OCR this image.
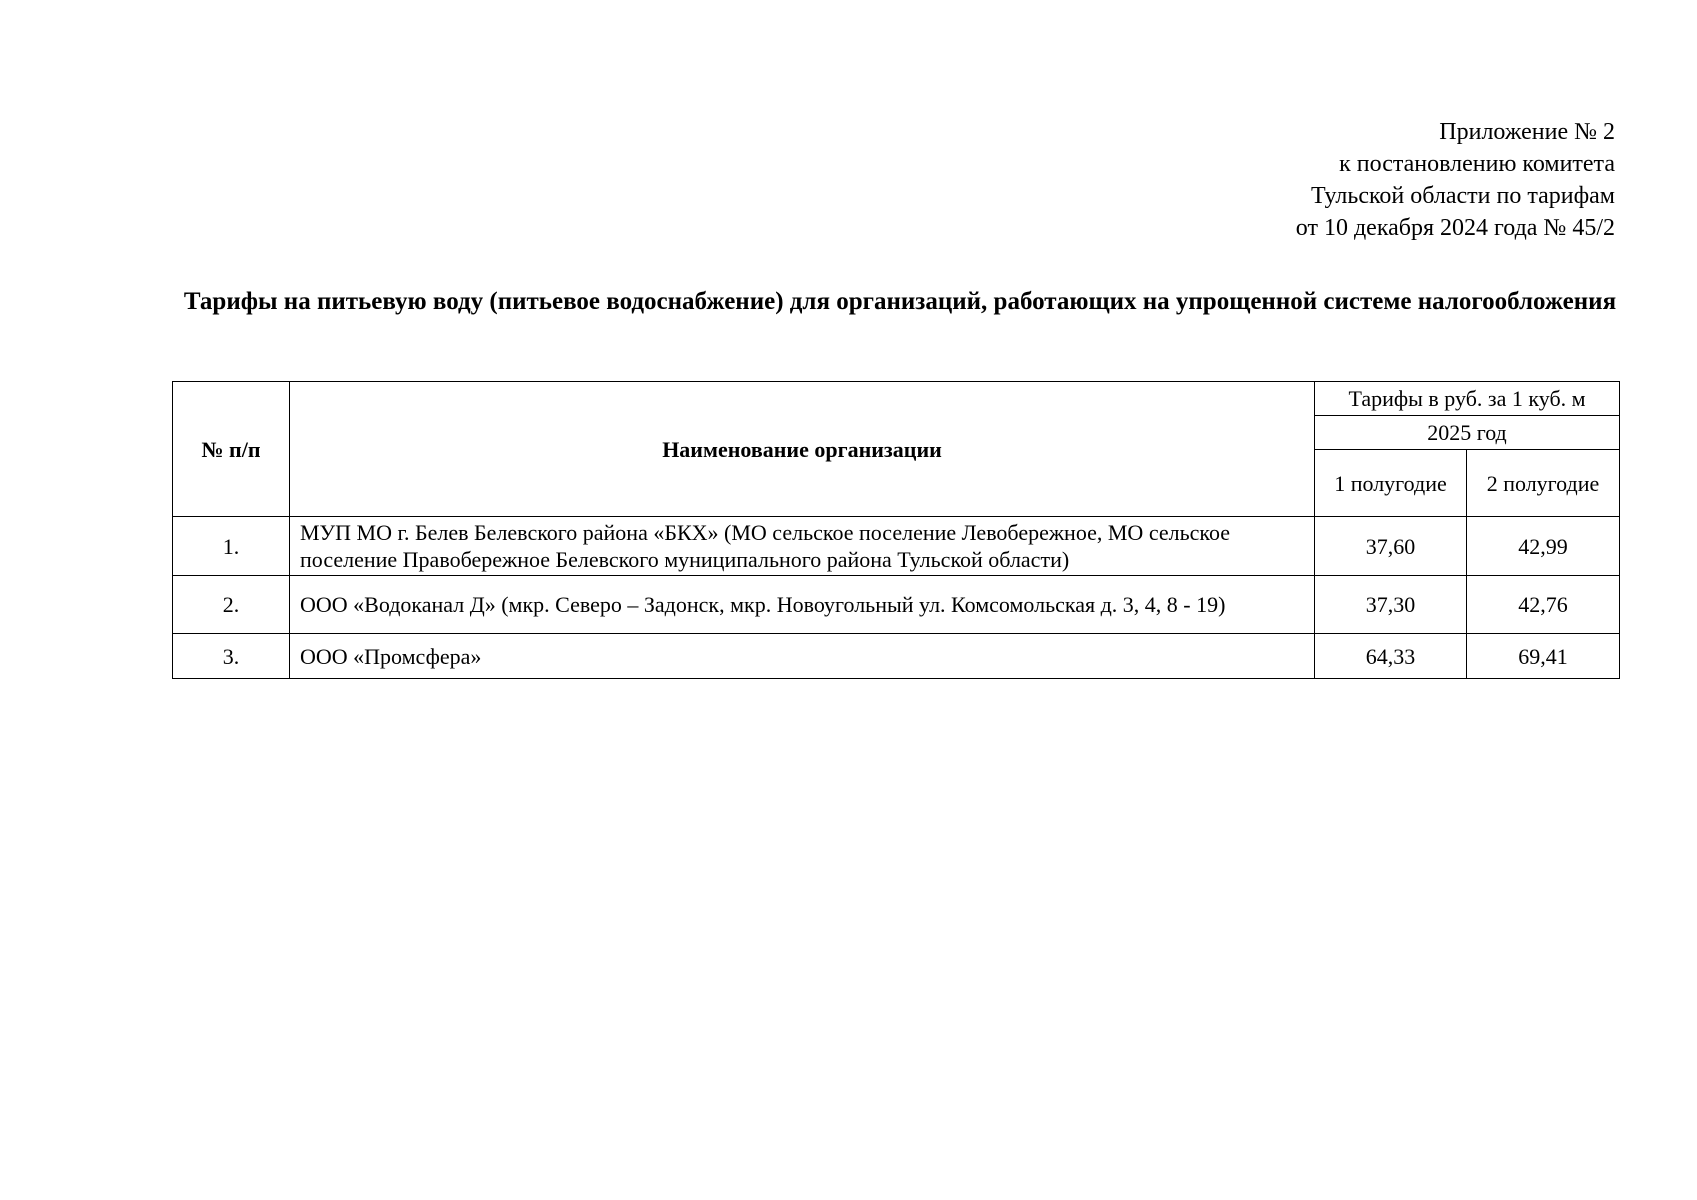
Приложение № 2
к постановлению комитета
Тульской области по тарифам
от 10 декабря 2024 года № 45/2
Тарифы на питьевую воду (питьевое водоснабжение) для организаций, работающих на упрощенной системе налогообложения
№ п/п	Наименование организации	Тарифы в руб. за 1 куб. м	
		2025 год	
		1 полугодие	2 полугодие
1.	МУП МО г. Белев Белевского района «БКХ» (МО сельское поселение Левобережное, МО сельское поселение Правобережное Белевского муниципального района Тульской области)	37,60	42,99
2.	ООО «Водоканал Д» (мкр. Северо – Задонск, мкр. Новоугольный ул. Комсомольская д. 3, 4, 8 - 19)	37,30	42,76
3.	ООО «Промсфера»	64,33	69,41
